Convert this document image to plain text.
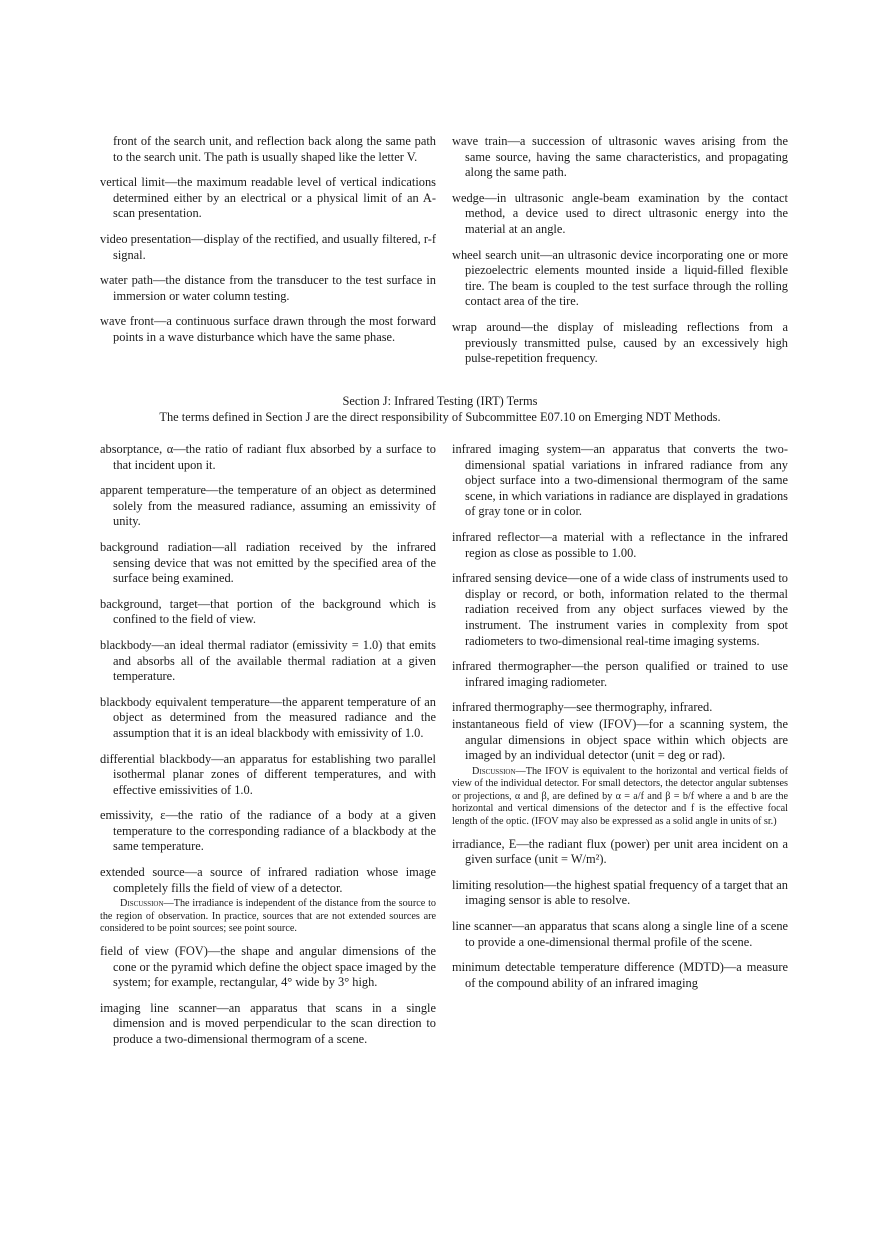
front of the search unit, and reflection back along the same path to the search unit. The path is usually shaped like the letter V.

vertical limit—the maximum readable level of vertical indications determined either by an electrical or a physical limit of an A-scan presentation.

video presentation—display of the rectified, and usually filtered, r-f signal.

water path—the distance from the transducer to the test surface in immersion or water column testing.

wave front—a continuous surface drawn through the most forward points in a wave disturbance which have the same phase.

wave train—a succession of ultrasonic waves arising from the same source, having the same characteristics, and propagating along the same path.

wedge—in ultrasonic angle-beam examination by the contact method, a device used to direct ultrasonic energy into the material at an angle.

wheel search unit—an ultrasonic device incorporating one or more piezoelectric elements mounted inside a liquid-filled flexible tire. The beam is coupled to the test surface through the rolling contact area of the tire.

wrap around—the display of misleading reflections from a previously transmitted pulse, caused by an excessively high pulse-repetition frequency.

Section J: Infrared Testing (IRT) Terms
The terms defined in Section J are the direct responsibility of Subcommittee E07.10 on Emerging NDT Methods.

absorptance, α—the ratio of radiant flux absorbed by a surface to that incident upon it.

apparent temperature—the temperature of an object as determined solely from the measured radiance, assuming an emissivity of unity.

background radiation—all radiation received by the infrared sensing device that was not emitted by the specified area of the surface being examined.

background, target—that portion of the background which is confined to the field of view.

blackbody—an ideal thermal radiator (emissivity = 1.0) that emits and absorbs all of the available thermal radiation at a given temperature.

blackbody equivalent temperature—the apparent temperature of an object as determined from the measured radiance and the assumption that it is an ideal blackbody with emissivity of 1.0.

differential blackbody—an apparatus for establishing two parallel isothermal planar zones of different temperatures, and with effective emissivities of 1.0.

emissivity, ε—the ratio of the radiance of a body at a given temperature to the corresponding radiance of a blackbody at the same temperature.

extended source—a source of infrared radiation whose image completely fills the field of view of a detector.

Discussion—The irradiance is independent of the distance from the source to the region of observation. In practice, sources that are not extended sources are considered to be point sources; see point source.

field of view (FOV)—the shape and angular dimensions of the cone or the pyramid which define the object space imaged by the system; for example, rectangular, 4° wide by 3° high.

imaging line scanner—an apparatus that scans in a single dimension and is moved perpendicular to the scan direction to produce a two-dimensional thermogram of a scene.

infrared imaging system—an apparatus that converts the two-dimensional spatial variations in infrared radiance from any object surface into a two-dimensional thermogram of the same scene, in which variations in radiance are displayed in gradations of gray tone or in color.

infrared reflector—a material with a reflectance in the infrared region as close as possible to 1.00.

infrared sensing device—one of a wide class of instruments used to display or record, or both, information related to the thermal radiation received from any object surfaces viewed by the instrument. The instrument varies in complexity from spot radiometers to two-dimensional real-time imaging systems.

infrared thermographer—the person qualified or trained to use infrared imaging radiometer.

infrared thermography—see thermography, infrared.

instantaneous field of view (IFOV)—for a scanning system, the angular dimensions in object space within which objects are imaged by an individual detector (unit = deg or rad).

Discussion—The IFOV is equivalent to the horizontal and vertical fields of view of the individual detector. For small detectors, the detector angular subtenses or projections, α and β, are defined by α = a/f and β = b/f where a and b are the horizontal and vertical dimensions of the detector and f is the effective focal length of the optic. (IFOV may also be expressed as a solid angle in units of sr.)

irradiance, E—the radiant flux (power) per unit area incident on a given surface (unit = W/m²).

limiting resolution—the highest spatial frequency of a target that an imaging sensor is able to resolve.

line scanner—an apparatus that scans along a single line of a scene to provide a one-dimensional thermal profile of the scene.

minimum detectable temperature difference (MDTD)—a measure of the compound ability of an infrared imaging
